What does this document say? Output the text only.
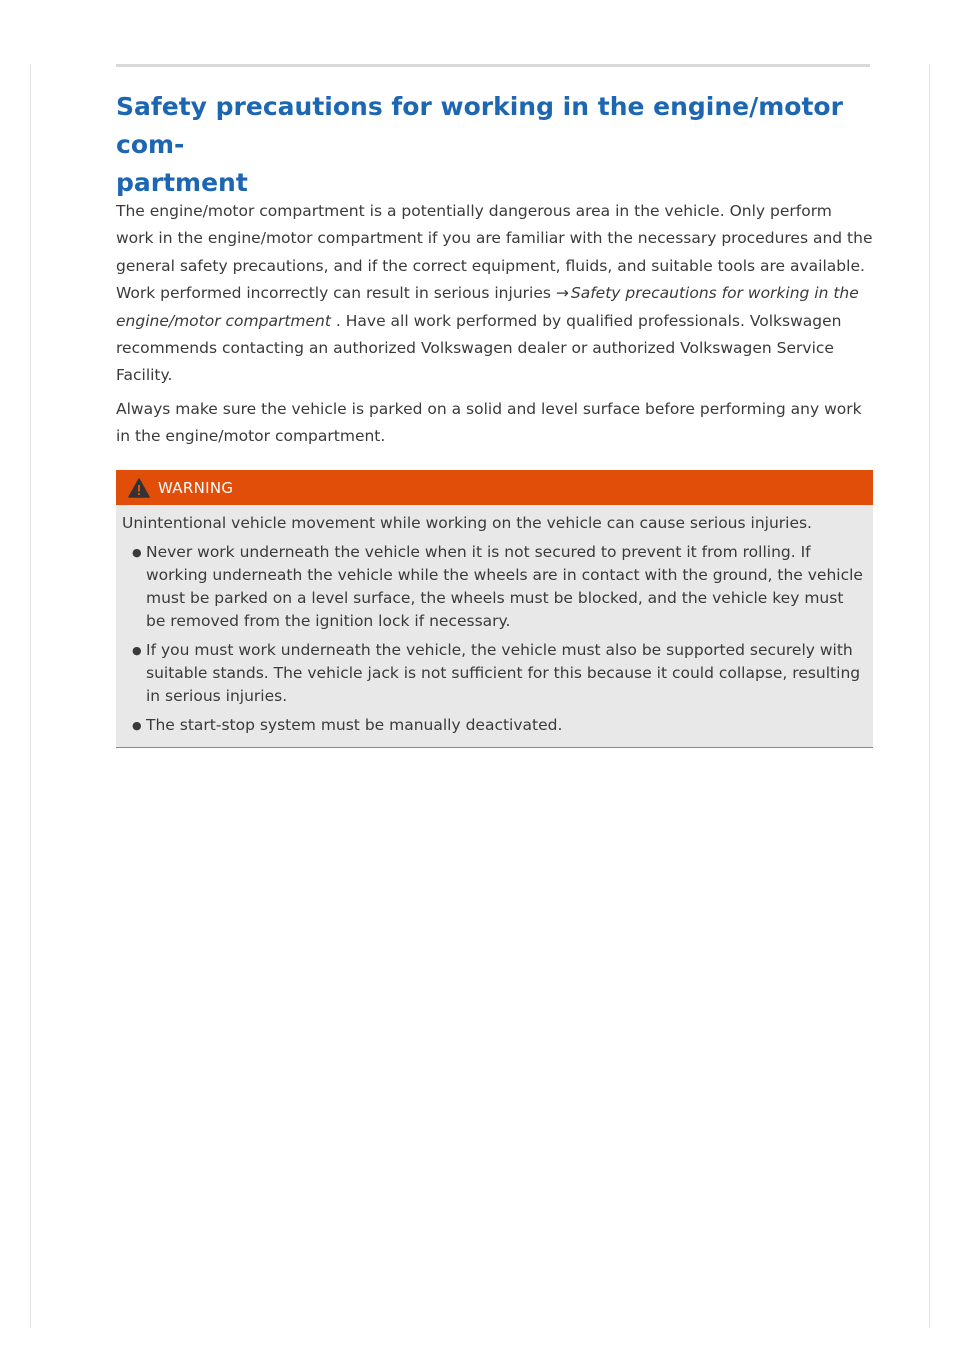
Safety precautions for working in the engine/motor com-
partment

The engine/motor compartment is a potentially dangerous area in the vehicle. Only perform work in the engine/motor compartment if you are familiar with the necessary procedures and the general safety precautions, and if the correct equipment, fluids, and suitable tools are available. Work performed incorrectly can result in serious injuries → Safety precautions for working in the engine/motor compartment . Have all work performed by qualified professionals. Volkswagen recommends contacting an authorized Volkswagen dealer or authorized Volkswagen Service Facility.

Always make sure the vehicle is parked on a solid and level surface before performing any work in the engine/motor compartment.

WARNING

Unintentional vehicle movement while working on the vehicle can cause serious injuries.

● Never work underneath the vehicle when it is not secured to prevent it from rolling. If working underneath the vehicle while the wheels are in contact with the ground, the vehicle must be parked on a level surface, the wheels must be blocked, and the vehicle key must be removed from the ignition lock if necessary.
● If you must work underneath the vehicle, the vehicle must also be supported securely with suitable stands. The vehicle jack is not sufficient for this because it could collapse, resulting in serious injuries.
● The start-stop system must be manually deactivated.
